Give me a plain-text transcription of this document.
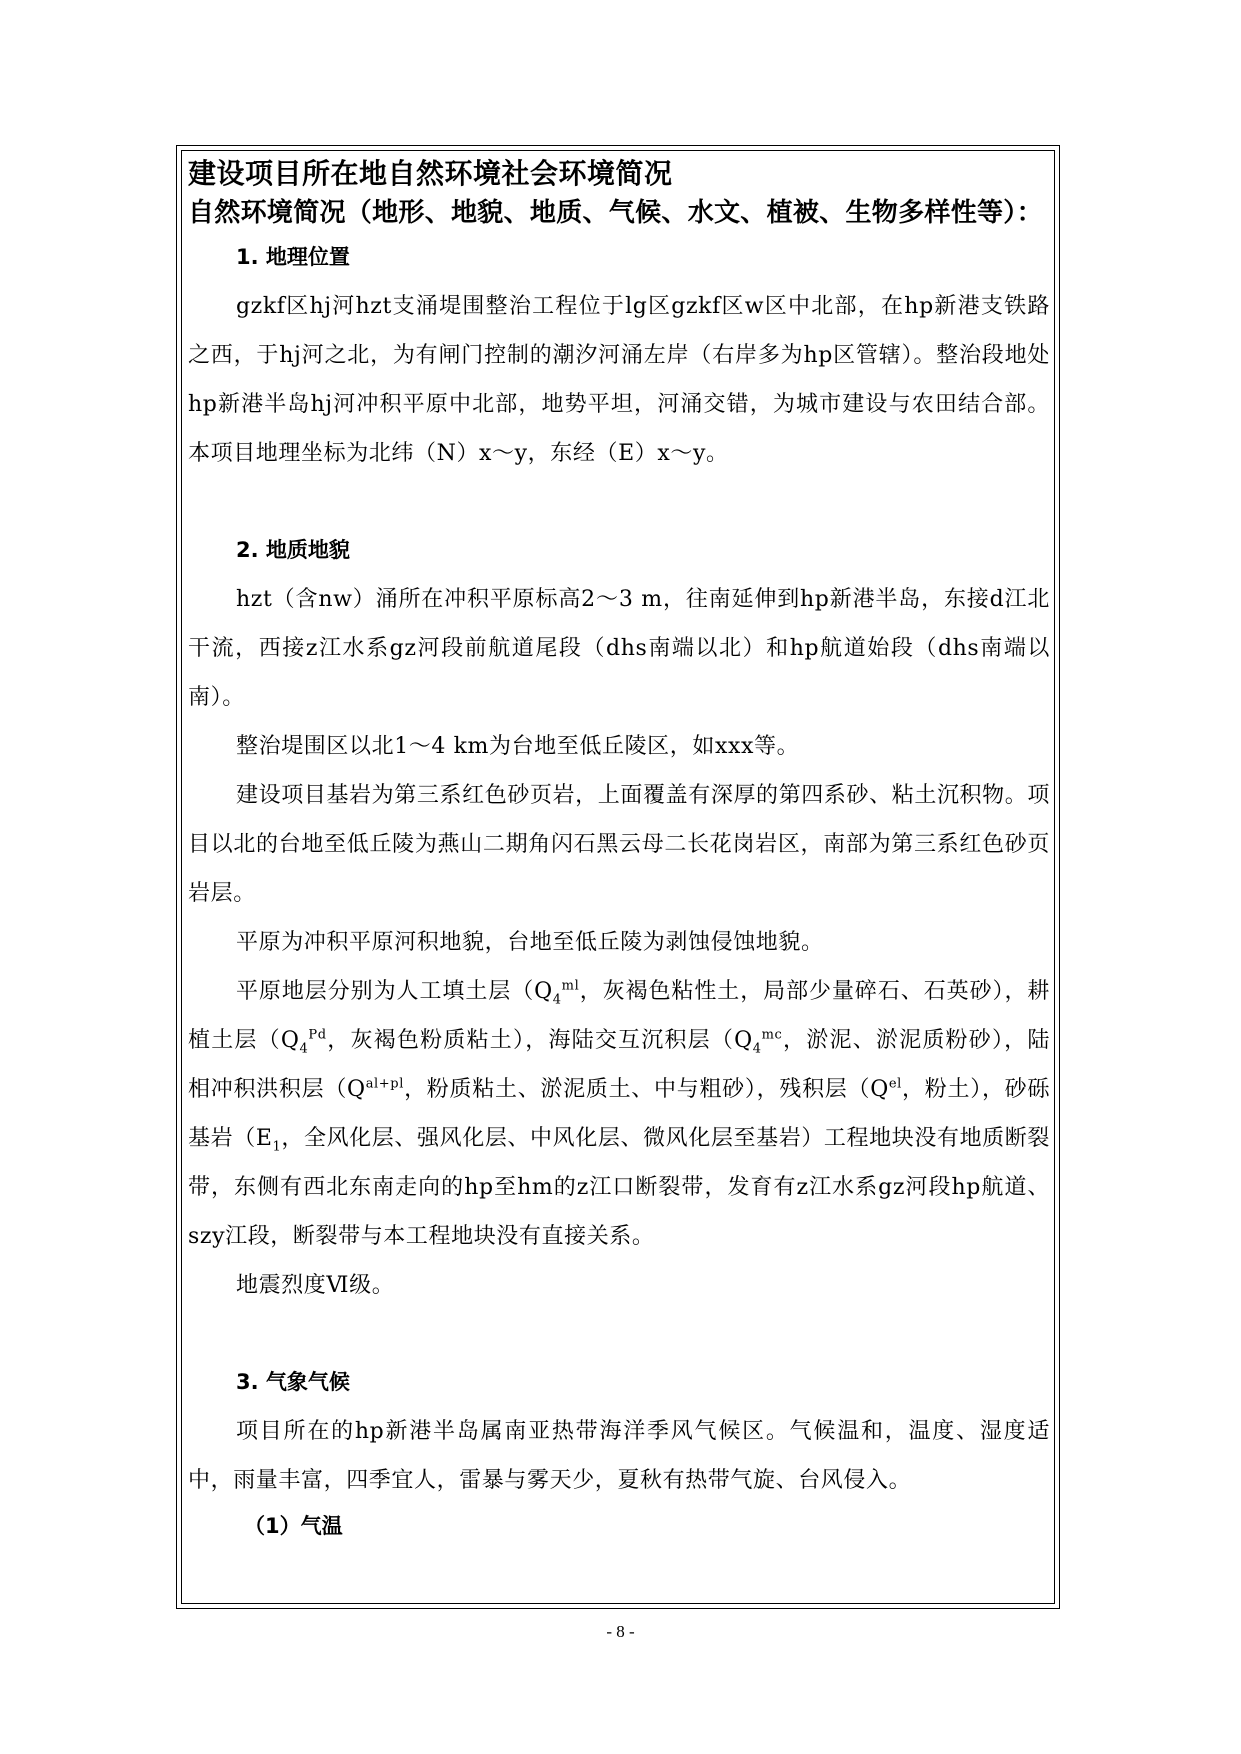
建设项目所在地自然环境社会环境简况
自然环境简况（地形、地貌、地质、气候、水文、植被、生物多样性等）：
1. 地理位置

gzkf区hj河hzt支涌堤围整治工程位于lg区gzkf区w区中北部，在hp新港支铁路之西，于hj河之北，为有闸门控制的潮汐河涌左岸（右岸多为hp区管辖）。整治段地处hp新港半岛hj河冲积平原中北部，地势平坦，河涌交错，为城市建设与农田结合部。本项目地理坐标为北纬（N）x～y，东经（E）x～y。

2. 地质地貌

hzt（含nw）涌所在冲积平原标高2～3 m，往南延伸到hp新港半岛，东接d江北干流，西接z江水系gz河段前航道尾段（dhs南端以北）和hp航道始段（dhs南端以南）。

整治堤围区以北1～4 km为台地至低丘陵区，如xxx等。

建设项目基岩为第三系红色砂页岩，上面覆盖有深厚的第四系砂、粘土沉积物。项目以北的台地至低丘陵为燕山二期角闪石黑云母二长花岗岩区，南部为第三系红色砂页岩层。

平原为冲积平原河积地貌，台地至低丘陵为剥蚀侵蚀地貌。

平原地层分别为人工填土层（$Q_4^{ml}$，灰褐色粘性土，局部少量碎石、石英砂），耕植土层（$Q_4^{Pd}$，灰褐色粉质粘土），海陆交互沉积层（$Q_4^{mc}$，淤泥、淤泥质粉砂），陆相冲积洪积层（$Q^{al+pl}$，粉质粘土、淤泥质土、中与粗砂），残积层（$Q^{el}$，粉土），砂砾基岩（$E_1$，全风化层、强风化层、中风化层、微风化层至基岩）工程地块没有地质断裂带，东侧有西北东南走向的hp至hm的z江口断裂带，发育有z江水系gz河段hp航道、szy江段，断裂带与本工程地块没有直接关系。

地震烈度Ⅵ级。

3. 气象气候

项目所在的hp新港半岛属南亚热带海洋季风气候区。气候温和，温度、湿度适中，雨量丰富，四季宜人，雷暴与雾天少，夏秋有热带气旋、台风侵入。

（1）气温
- 8 -
